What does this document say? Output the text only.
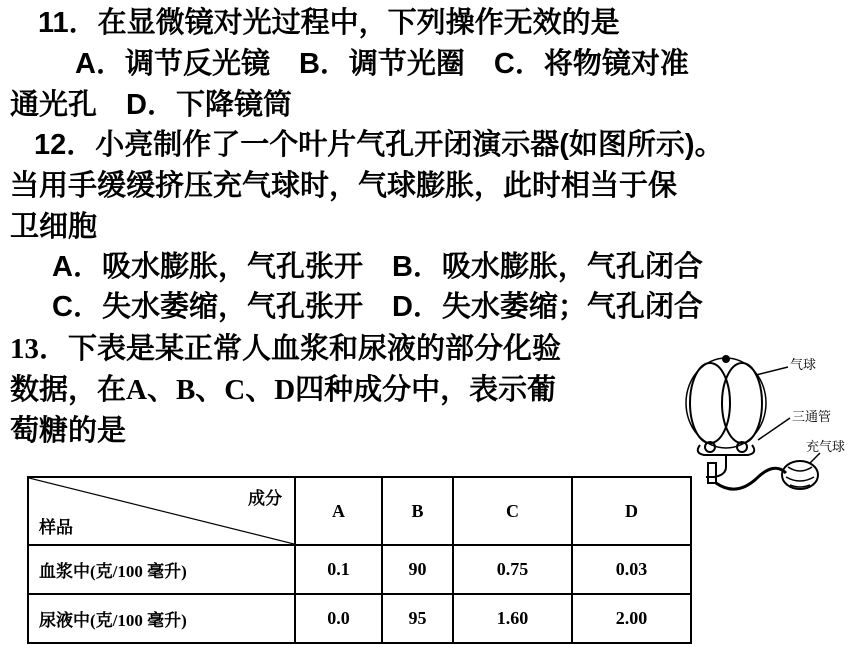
11．在显微镜对光过程中，下列操作无效的是
A．调节反光镜　B．调节光圈　C．将物镜对准
通光孔　D．下降镜筒
12．小亮制作了一个叶片气孔开闭演示器(如图所示)。
当用手缓缓挤压充气球时，气球膨胀，此时相当于保
卫细胞
A．吸水膨胀，气孔张开　B．吸水膨胀，气孔闭合
C．失水萎缩，气孔张开　D．失水萎缩；气孔闭合
13．下表是某正常人血浆和尿液的部分化验
数据，在A、B、C、D四种成分中，表示葡
萄糖的是
气球
三通管
充气球
成分
样品	A	B	C	D
血浆中(克/100 毫升)	0.1	90	0.75	0.03
尿液中(克/100 毫升)	0.0	95	1.60	2.00
